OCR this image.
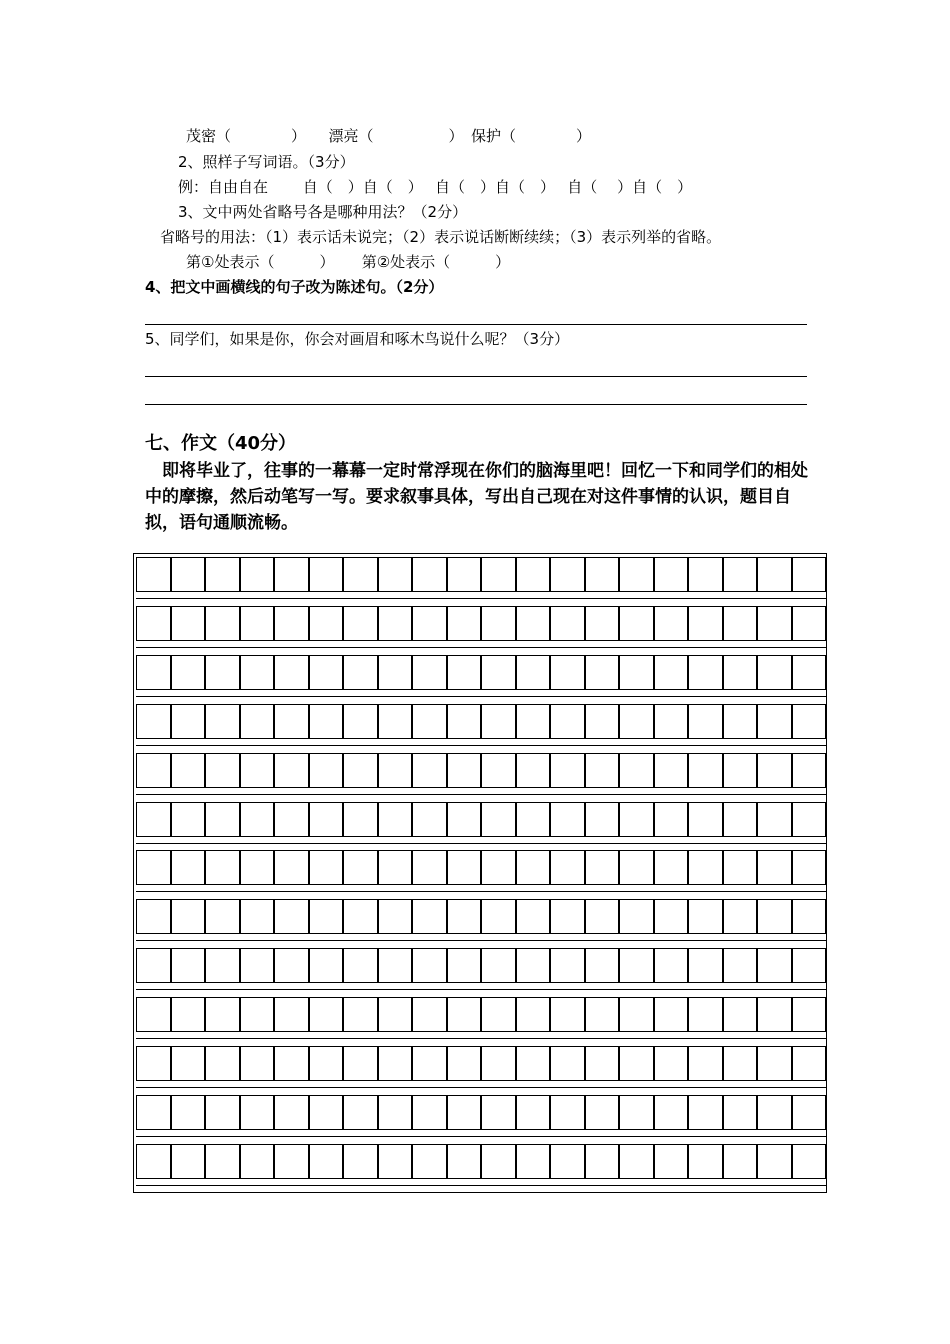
茂密（　　　　）　　漂亮（　　　　　）　保护（　　　　）
2、照样子写词语。（3分）
例：自由自在　　 自（　）自（　）　 自（　）自（　）　 自（　 ）自（　）
3、文中两处省略号各是哪种用法？（2分）
省略号的用法：（1）表示话未说完；（2）表示说话断断续续；（3）表示列举的省略。
第①处表示（　　　）　　 第②处表示（　　　）
4、把文中画横线的句子改为陈述句。（2分）
5、同学们，如果是你，你会对画眉和啄木鸟说什么呢？（3分）
七、作文（40分）
即将毕业了，往事的一幕幕一定时常浮现在你们的脑海里吧！回忆一下和同学们的相处中的摩擦，然后动笔写一写。要求叙事具体，写出自己现在对这件事情的认识，题目自拟，语句通顺流畅。
